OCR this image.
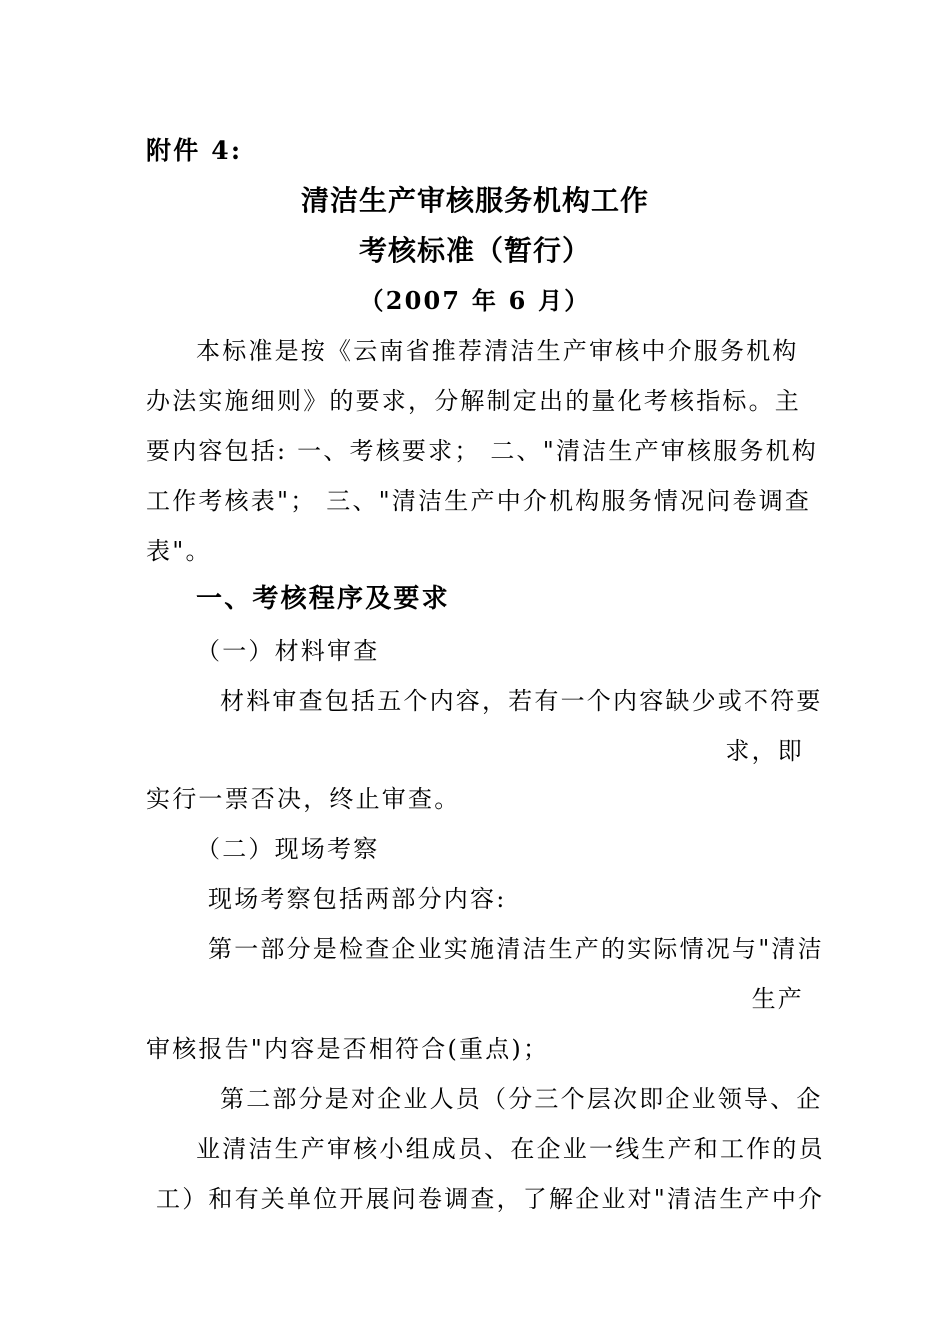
附件 4:
清洁生产审核服务机构工作
考核标准（暂行）
（2007 年 6 月）
本标准是按《云南省推荐清洁生产审核中介服务机构
办法实施细则》的要求，分解制定出的量化考核指标。主
要内容包括: 一、考核要求； 二、"清洁生产审核服务机构
工作考核表"； 三、"清洁生产中介机构服务情况问卷调查
表"。
一、考核程序及要求
（一）材料审查
材料审查包括五个内容，若有一个内容缺少或不符要
求，即
实行一票否决，终止审查。
（二）现场考察
现场考察包括两部分内容:
第一部分是检查企业实施清洁生产的实际情况与"清洁
生产
审核报告"内容是否相符合(重点)；
第二部分是对企业人员（分三个层次即企业领导、企
业清洁生产审核小组成员、在企业一线生产和工作的员
工）和有关单位开展问卷调查，了解企业对"清洁生产中介
